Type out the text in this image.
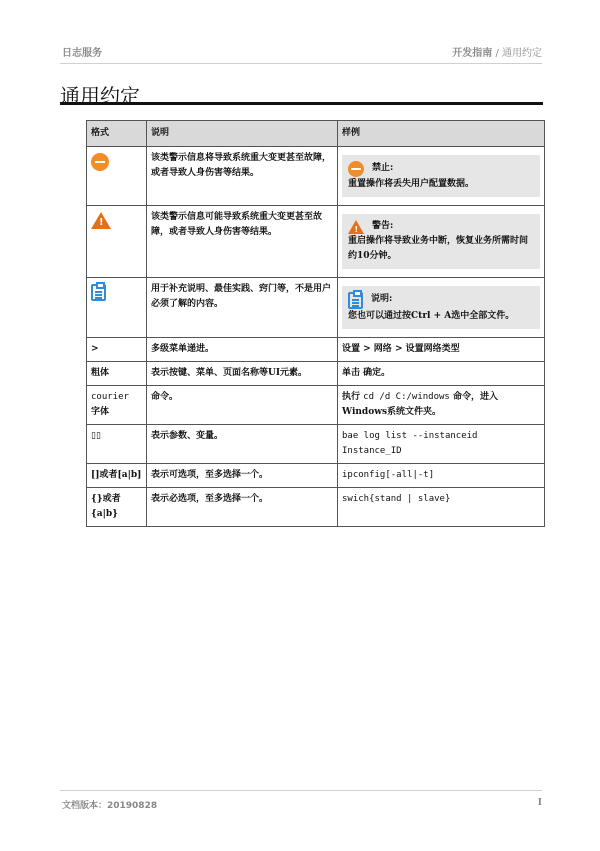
日志服务	开发指南 / 通用约定
通用约定
格式	说明	样例
	该类警示信息将导致系统重大变更甚至故障，或者导致人身伤害等结果。	禁止:
重置操作将丢失用户配置数据。

!	该类警示信息可能导致系统重大变更甚至故障，或者导致人身伤害等结果。	! 警告:
重启操作将导致业务中断，恢复业务所需时间约10分钟。

	用于补充说明、最佳实践、窍门等，不是用户必须了解的内容。	说明:
您也可以通过按Ctrl + A选中全部文件。

>	多级菜单递进。	设置 > 网络 > 设置网络类型
粗体	表示按键、菜单、页面名称等UI元素。	单击 确定。

courier
字体	命令。	执行 cd /d C:/windows 命令，进入Windows系统文件夹。
▯▯	表示参数、变量。	bae log list --instanceid
Instance_ID

[]或者[a|b]	表示可选项，至多选择一个。	ipconfig[-all|-t]
{}或者{a|b}	表示必选项，至多选择一个。	swich{stand | slave}
文档版本：20190828	I
